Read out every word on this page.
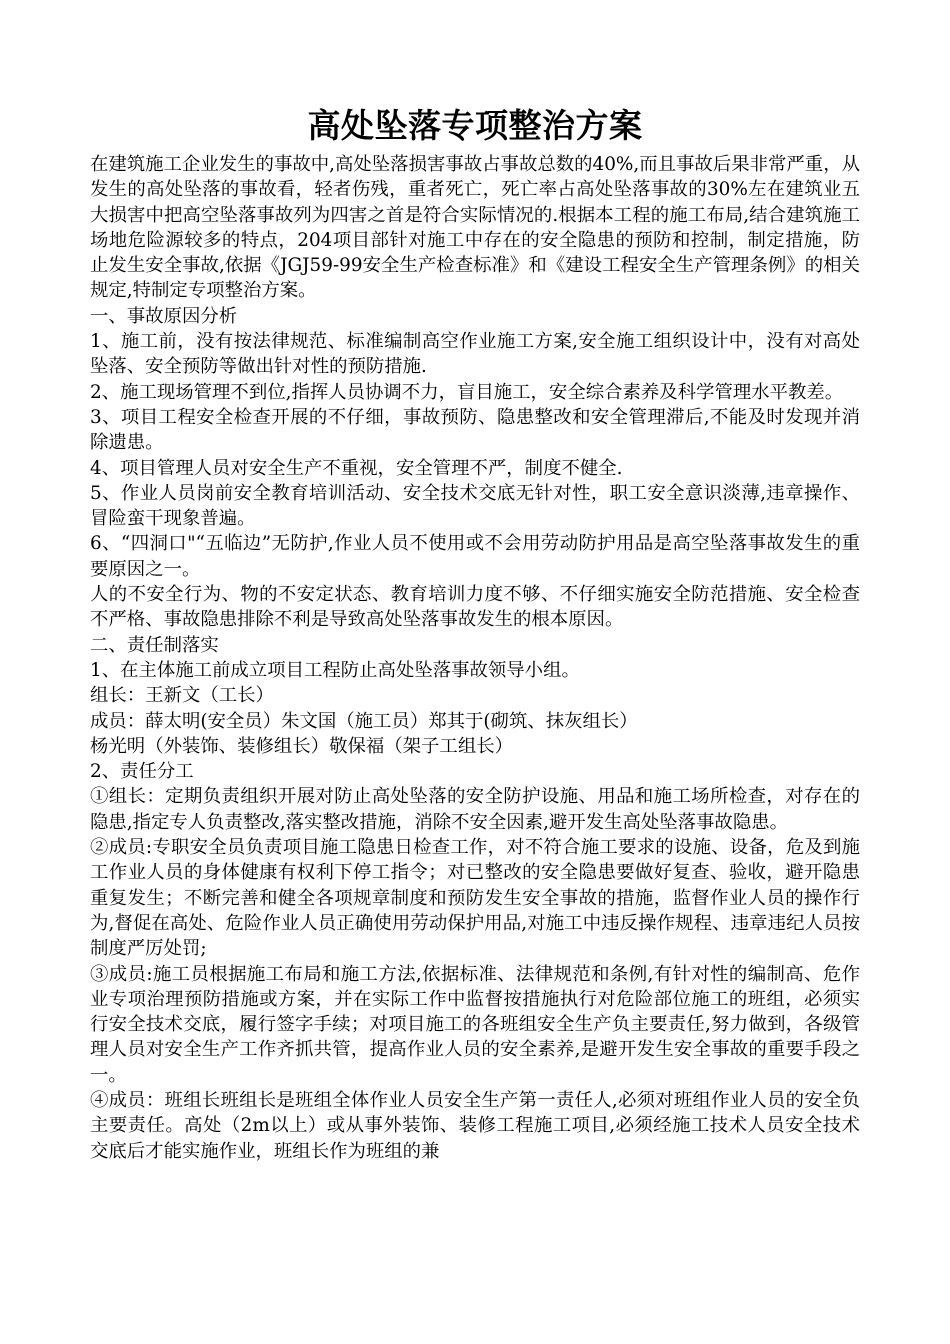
高处坠落专项整治方案

在建筑施工企业发生的事故中,高处坠落损害事故占事故总数的40%,而且事故后果非常严重，从发生的高处坠落的事故看，轻者伤残，重者死亡，死亡率占高处坠落事故的30%左在建筑业五大损害中把高空坠落事故列为四害之首是符合实际情况的.根据本工程的施工布局,结合建筑施工场地危险源较多的特点，204项目部针对施工中存在的安全隐患的预防和控制，制定措施，防止发生安全事故,依据《JGJ59-99安全生产检查标准》和《建设工程安全生产管理条例》的相关规定,特制定专项整治方案。

一、事故原因分析

1、施工前，没有按法律规范、标准编制高空作业施工方案,安全施工组织设计中，没有对高处坠落、安全预防等做出针对性的预防措施.

2、施工现场管理不到位,指挥人员协调不力，盲目施工，安全综合素养及科学管理水平教差。

3、项目工程安全检查开展的不仔细，事故预防、隐患整改和安全管理滞后,不能及时发现并消除遗患。

4、项目管理人员对安全生产不重视，安全管理不严，制度不健全.

5、作业人员岗前安全教育培训活动、安全技术交底无针对性，职工安全意识淡薄,违章操作、冒险蛮干现象普遍。

6、“四洞口"“五临边”无防护,作业人员不使用或不会用劳动防护用品是高空坠落事故发生的重要原因之一。

人的不安全行为、物的不安定状态、教育培训力度不够、不仔细实施安全防范措施、安全检查不严格、事故隐患排除不利是导致高处坠落事故发生的根本原因。

二、责任制落实

1、在主体施工前成立项目工程防止高处坠落事故领导小组。

组长：王新文（工长）

成员：薛太明(安全员）朱文国（施工员）郑其于(砌筑、抹灰组长）

杨光明（外装饰、装修组长）敬保福（架子工组长）

2、责任分工

①组长：定期负责组织开展对防止高处坠落的安全防护设施、用品和施工场所检查，对存在的隐患,指定专人负责整改,落实整改措施，消除不安全因素,避开发生高处坠落事故隐患。

②成员:专职安全员负责项目施工隐患日检查工作，对不符合施工要求的设施、设备，危及到施工作业人员的身体健康有权利下停工指令；对已整改的安全隐患要做好复查、验收，避开隐患重复发生；不断完善和健全各项规章制度和预防发生安全事故的措施，监督作业人员的操作行为,督促在高处、危险作业人员正确使用劳动保护用品,对施工中违反操作规程、违章违纪人员按制度严厉处罚;

③成员:施工员根据施工布局和施工方法,依据标准、法律规范和条例,有针对性的编制高、危作业专项治理预防措施或方案，并在实际工作中监督按措施执行对危险部位施工的班组，必须实行安全技术交底，履行签字手续；对项目施工的各班组安全生产负主要责任,努力做到，各级管理人员对安全生产工作齐抓共管，提高作业人员的安全素养,是避开发生安全事故的重要手段之一。

④成员：班组长班组长是班组全体作业人员安全生产第一责任人,必须对班组作业人员的安全负主要责任。高处（2m以上）或从事外装饰、装修工程施工项目,必须经施工技术人员安全技术交底后才能实施作业，班组长作为班组的兼
